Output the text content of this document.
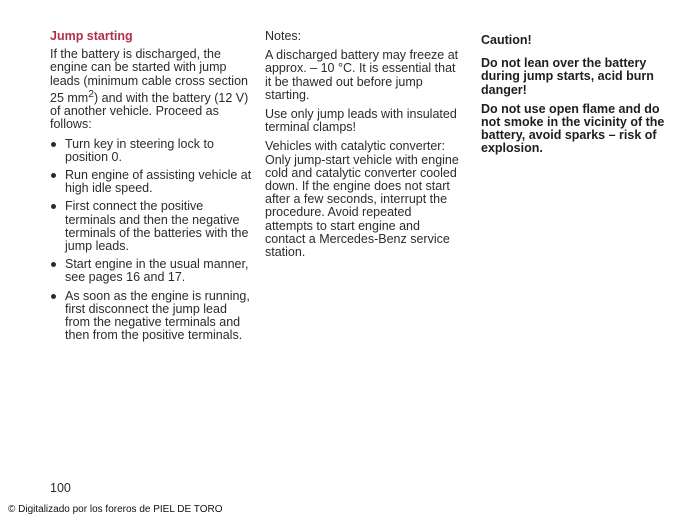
Jump starting

If the battery is discharged, the engine can be started with jump leads (minimum cable cross section 25 $mm^2$) and with the battery (12 V) of another vehicle. Proceed as follows:

Turn key in steering lock to position 0.
Run engine of assisting vehicle at high idle speed.
First connect the positive terminals and then the negative terminals of the batteries with the jump leads.
Start engine in the usual manner, see pages 16 and 17.
As soon as the engine is running, first disconnect the jump lead from the negative terminals and then from the positive terminals.

Notes:

A discharged battery may freeze at approx. – 10 °C. It is essential that it be thawed out before jump starting.

Use only jump leads with insulated terminal clamps!

Vehicles with catalytic converter: Only jump-start vehicle with engine cold and catalytic converter cooled down. If the engine does not start after a few seconds, interrupt the procedure. Avoid repeated attempts to start engine and contact a Mercedes-Benz service station.

Caution!

Do not lean over the battery during jump starts, acid burn danger!

Do not use open flame and do not smoke in the vicinity of the battery, avoid sparks – risk of explosion.

100
© Digitalizado por los foreros de PIEL DE TORO
